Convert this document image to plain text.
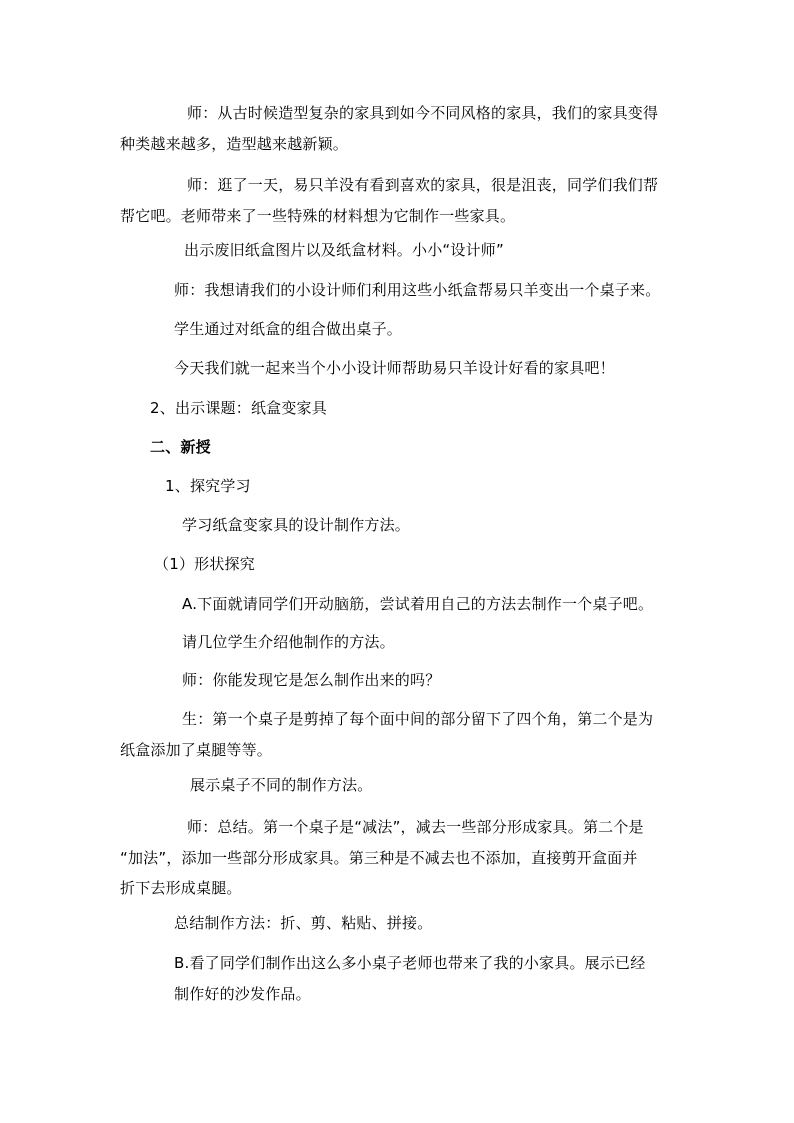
师：从古时候造型复杂的家具到如今不同风格的家具，我们的家具变得
种类越来越多，造型越来越新颖。
师：逛了一天，易只羊没有看到喜欢的家具，很是沮丧，同学们我们帮
帮它吧。老师带来了一些特殊的材料想为它制作一些家具。
出示废旧纸盒图片以及纸盒材料。小小“设计师”
师：我想请我们的小设计师们利用这些小纸盒帮易只羊变出一个桌子来。
学生通过对纸盒的组合做出桌子。
今天我们就一起来当个小小设计师帮助易只羊设计好看的家具吧！
2、出示课题：纸盒变家具
二、新授
1、探究学习
学习纸盒变家具的设计制作方法。
（1）形状探究
A.下面就请同学们开动脑筋，尝试着用自己的方法去制作一个桌子吧。
请几位学生介绍他制作的方法。
师：你能发现它是怎么制作出来的吗？
生：第一个桌子是剪掉了每个面中间的部分留下了四个角，第二个是为
纸盒添加了桌腿等等。
展示桌子不同的制作方法。
师：总结。第一个桌子是“减法”，减去一些部分形成家具。第二个是
“加法”，添加一些部分形成家具。第三种是不减去也不添加，直接剪开盒面并
折下去形成桌腿。
总结制作方法：折、剪、粘贴、拼接。
B.看了同学们制作出这么多小桌子老师也带来了我的小家具。展示已经
制作好的沙发作品。
